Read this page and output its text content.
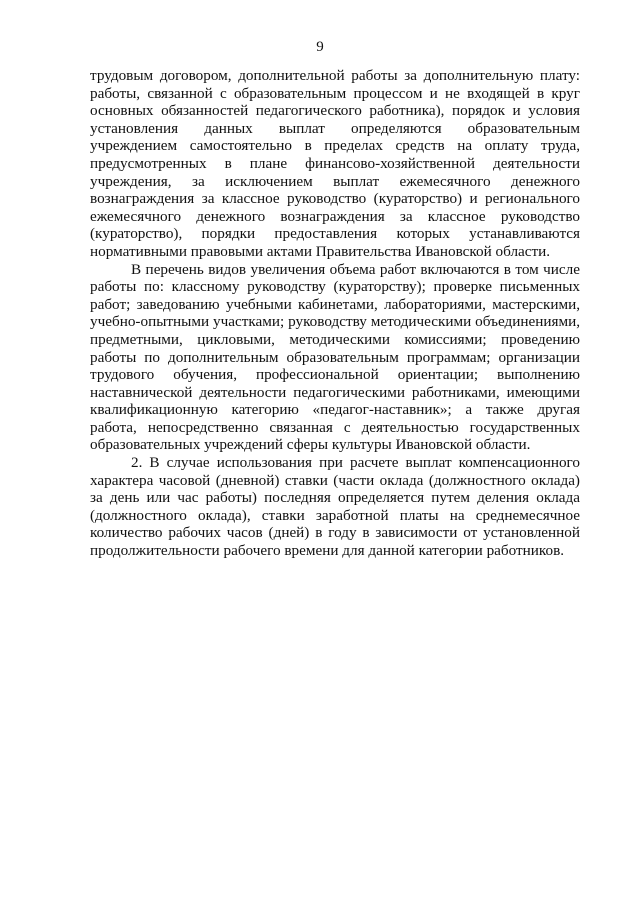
9

трудовым договором, дополнительной работы за дополнительную плату: работы, связанной с образовательным процессом и не входящей в круг основных обязанностей педагогического работника), порядок и условия установления данных выплат определяются образовательным учреждением самостоятельно в пределах средств на оплату труда, предусмотренных в плане финансово-хозяйственной деятельности учреждения, за исключением выплат ежемесячного денежного вознаграждения за классное руководство (кураторство) и регионального ежемесячного денежного вознаграждения за классное руководство (кураторство), порядки предоставления которых устанавливаются нормативными правовыми актами Правительства Ивановской области.

В перечень видов увеличения объема работ включаются в том числе работы по: классному руководству (кураторству); проверке письменных работ; заведованию учебными кабинетами, лабораториями, мастерскими, учебно-опытными участками; руководству методическими объединениями, предметными, цикловыми, методическими комиссиями; проведению работы по дополнительным образовательным программам; организации трудового обучения, профессиональной ориентации; выполнению наставнической деятельности педагогическими работниками, имеющими квалификационную категорию «педагог-наставник»; а также другая работа, непосредственно связанная с деятельностью государственных образовательных учреждений сферы культуры Ивановской области.

2. В случае использования при расчете выплат компенсационного характера часовой (дневной) ставки (части оклада (должностного оклада) за день или час работы) последняя определяется путем деления оклада (должностного оклада), ставки заработной платы на среднемесячное количество рабочих часов (дней) в году в зависимости от установленной продолжительности рабочего времени для данной категории работников.
